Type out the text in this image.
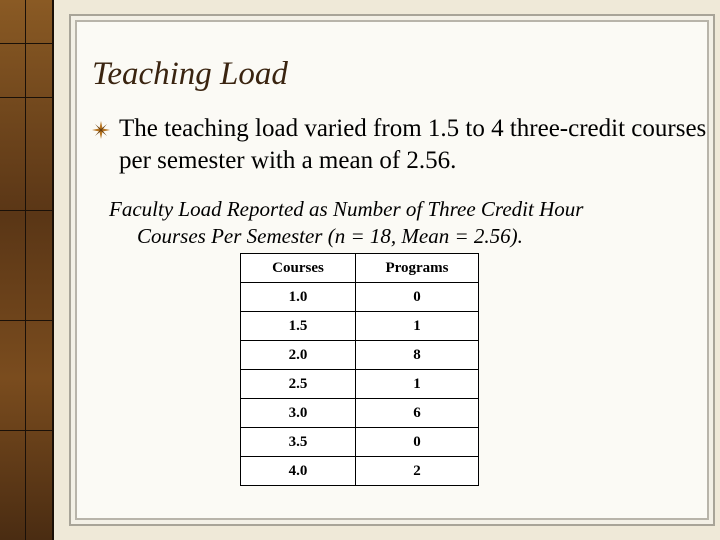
Teaching Load
The teaching load varied from 1.5 to 4 three-credit courses per semester with a mean of 2.56.
Faculty Load Reported as Number of Three Credit Hour
Courses Per Semester (n = 18, Mean = 2.56).
Courses	Programs
1.0	0
1.5	1
2.0	8
2.5	1
3.0	6
3.5	0
4.0	2
